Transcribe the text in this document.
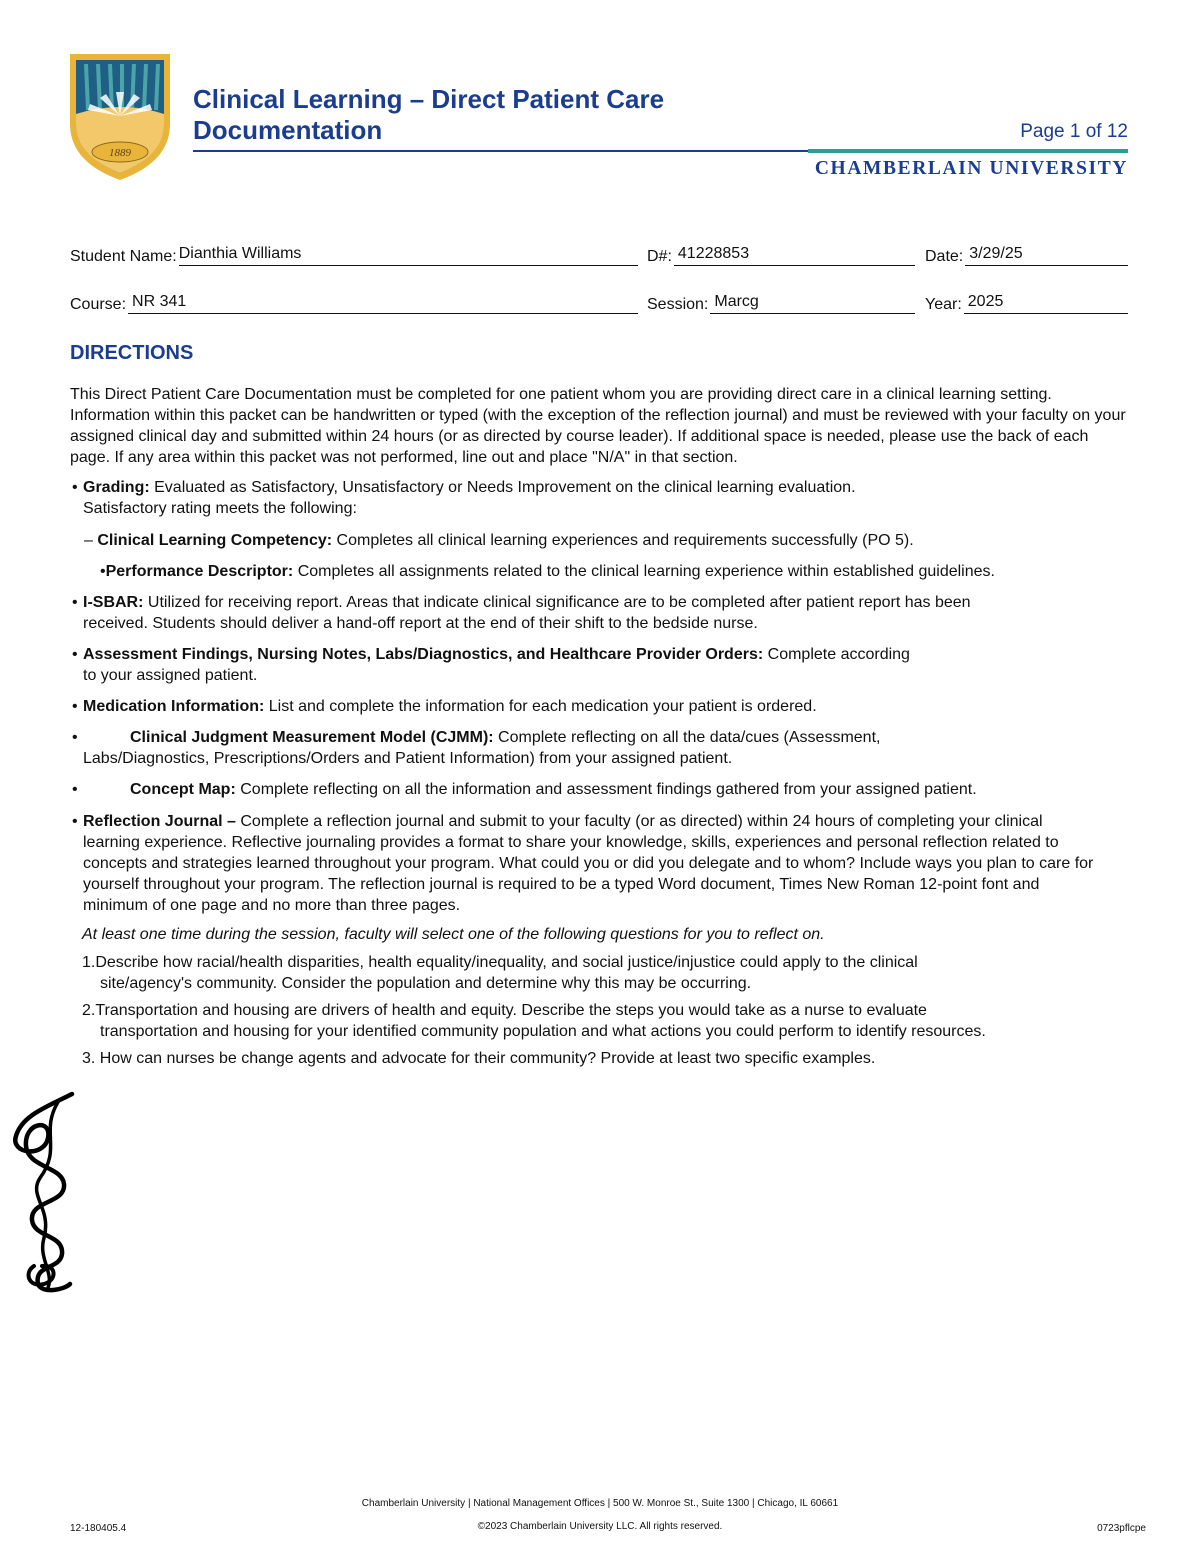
1889
Clinical Learning – Direct Patient Care
Documentation	Page 1 of 12
CHAMBERLAIN UNIVERSITY
Student Name: Dianthia Williams	D#: 41228853	Date: 3/29/25
Course: NR 341	Session: Marcg	Year: 2025
DIRECTIONS
This Direct Patient Care Documentation must be completed for one patient whom you are providing direct care in a clinical learning setting. Information within this packet can be handwritten or typed (with the exception of the reflection journal) and must be reviewed with your faculty on your assigned clinical day and submitted within 24 hours (or as directed by course leader). If additional space is needed, please use the back of each page. If any area within this packet was not performed, line out and place "N/A" in that section.
• Grading: Evaluated as Satisfactory, Unsatisfactory or Needs Improvement on the clinical learning evaluation.
Satisfactory rating meets the following:
– Clinical Learning Competency: Completes all clinical learning experiences and requirements successfully (PO 5).
•Performance Descriptor: Completes all assignments related to the clinical learning experience within established guidelines.
• I-SBAR: Utilized for receiving report. Areas that indicate clinical significance are to be completed after patient report has been
received. Students should deliver a hand-off report at the end of their shift to the bedside nurse.
• Assessment Findings, Nursing Notes, Labs/Diagnostics, and Healthcare Provider Orders: Complete according
to your assigned patient.
• Medication Information: List and complete the information for each medication your patient is ordered.
•	Clinical Judgment Measurement Model (CJMM): Complete reflecting on all the data/cues (Assessment,
Labs/Diagnostics, Prescriptions/Orders and Patient Information) from your assigned patient.
•	Concept Map: Complete reflecting on all the information and assessment findings gathered from your assigned patient.
• Reflection Journal – Complete a reflection journal and submit to your faculty (or as directed) within 24 hours of completing your clinical learning experience. Reflective journaling provides a format to share your knowledge, skills, experiences and personal reflection related to concepts and strategies learned throughout your program. What could you or did you delegate and to whom? Include ways you plan to care for yourself throughout your program. The reflection journal is required to be a typed Word document, Times New Roman 12-point font and minimum of one page and no more than three pages.
At least one time during the session, faculty will select one of the following questions for you to reflect on.
1.Describe how racial/health disparities, health equality/inequality, and social justice/injustice could apply to the clinical
site/agency's community. Consider the population and determine why this may be occurring.
2.Transportation and housing are drivers of health and equity. Describe the steps you would take as a nurse to evaluate
transportation and housing for your identified community population and what actions you could perform to identify resources.
3. How can nurses be change agents and advocate for their community? Provide at least two specific examples.
Chamberlain University | National Management Offices | 500 W. Monroe St., Suite 1300 | Chicago, IL 60661
©2023 Chamberlain University LLC. All rights reserved.
12-180405.4	0723pflcpe
